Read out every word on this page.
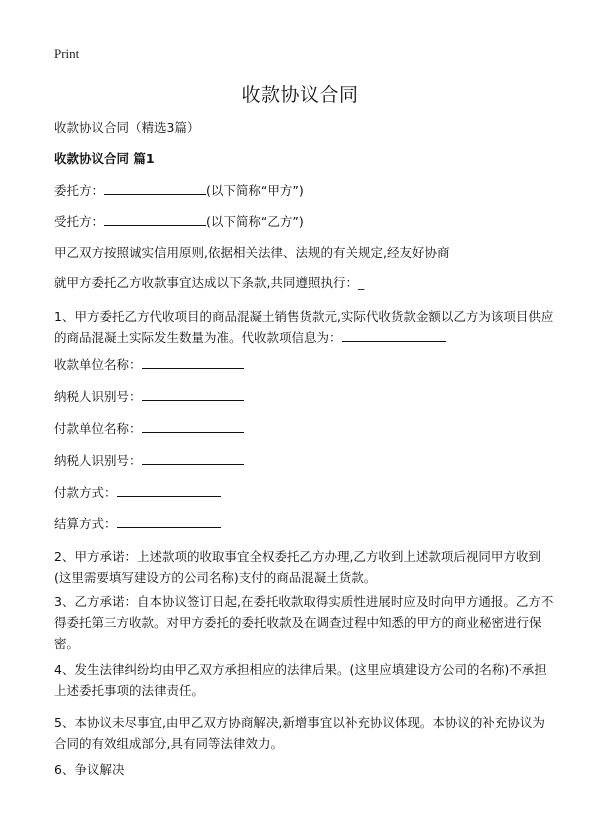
Print
收款协议合同
收款协议合同（精选3篇）
收款协议合同 篇1
委托方：	(以下简称“甲方”)
受托方：	(以下简称“乙方”)
甲乙双方按照诚实信用原则,依据相关法律、法规的有关规定,经友好协商
就甲方委托乙方收款事宜达成以下条款,共同遵照执行：_
1、甲方委托乙方代收项目的商品混凝土销售货款元,实际代收货款金额以乙方为该项目供应的商品混凝土实际发生数量为准。代收款项信息为：
收款单位名称：
纳税人识别号：
付款单位名称：
纳税人识别号：
付款方式：
结算方式：
2、甲方承诺：上述款项的收取事宜全权委托乙方办理,乙方收到上述款项后视同甲方收到(这里需要填写建设方的公司名称)支付的商品混凝土货款。
3、乙方承诺：自本协议签订日起,在委托收款取得实质性进展时应及时向甲方通报。乙方不得委托第三方收款。对甲方委托的委托收款及在调查过程中知悉的甲方的商业秘密进行保密。
4、发生法律纠纷均由甲乙双方承担相应的法律后果。(这里应填建设方公司的名称)不承担上述委托事项的法律责任。
5、本协议未尽事宜,由甲乙双方协商解决,新增事宜以补充协议体现。本协议的补充协议为合同的有效组成部分,具有同等法律效力。
6、争议解决
